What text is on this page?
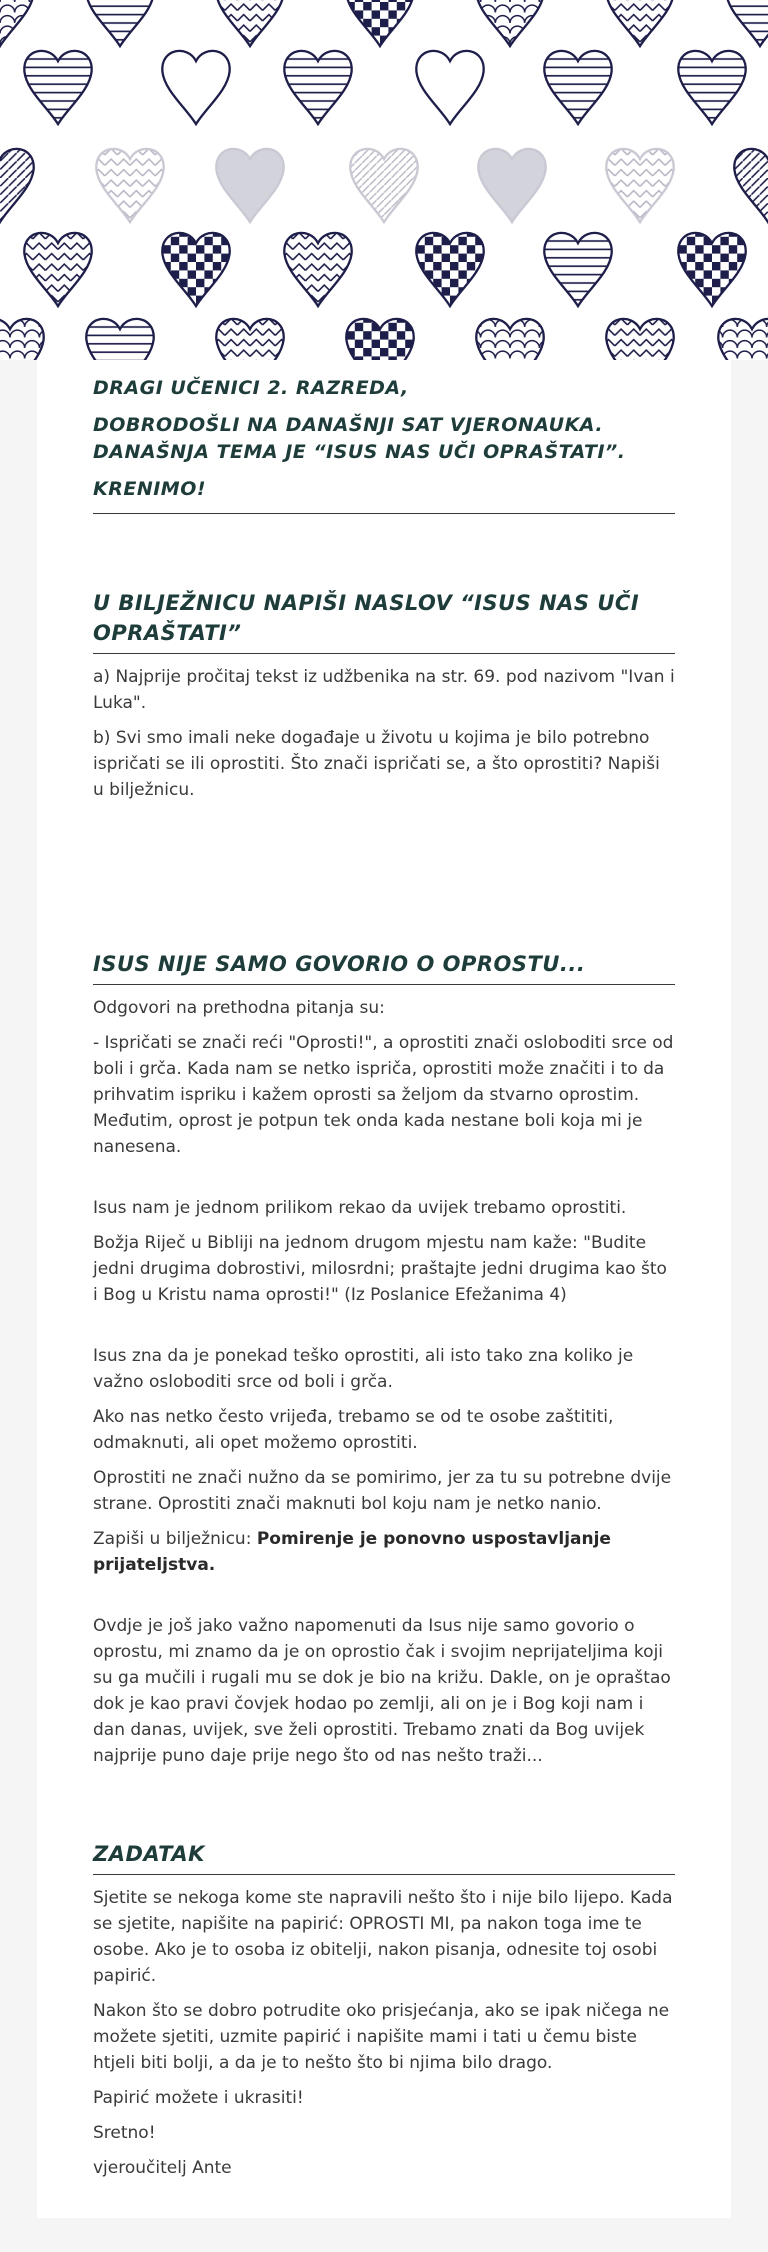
DRAGI UČENICI 2. RAZREDA,
DOBRODOŠLI NA DANAŠNJI SAT VJERONAUKA. DANAŠNJA TEMA JE “ISUS NAS UČI OPRAŠTATI”.
KRENIMO!
U BILJEŽNICU NAPIŠI NASLOV “ISUS NAS UČI OPRAŠTATI”

a) Najprije pročitaj tekst iz udžbenika na str. 69. pod nazivom "Ivan i Luka".

b) Svi smo imali neke događaje u životu u kojima je bilo potrebno ispričati se ili oprostiti. Što znači ispričati se, a što oprostiti? Napiši u bilježnicu.

ISUS NIJE SAMO GOVORIO O OPROSTU...

Odgovori na prethodna pitanja su:

- Ispričati se znači reći "Oprosti!", a oprostiti znači osloboditi srce od boli i grča. Kada nam se netko ispriča, oprostiti može značiti i to da prihvatim ispriku i kažem oprosti sa željom da stvarno oprostim. Međutim, oprost je potpun tek onda kada nestane boli koja mi je nanesena.

Isus nam je jednom prilikom rekao da uvijek trebamo oprostiti.

Božja Riječ u Bibliji na jednom drugom mjestu nam kaže: "Budite jedni drugima dobrostivi, milosrdni; praštajte jedni drugima kao što i Bog u Kristu nama oprosti!" (Iz Poslanice Efežanima 4)

Isus zna da je ponekad teško oprostiti, ali isto tako zna koliko je važno osloboditi srce od boli i grča.

Ako nas netko često vrijeđa, trebamo se od te osobe zaštititi, odmaknuti, ali opet možemo oprostiti.

Oprostiti ne znači nužno da se pomirimo, jer za tu su potrebne dvije strane. Oprostiti znači maknuti bol koju nam je netko nanio.

Zapiši u bilježnicu: Pomirenje je ponovno uspostavljanje prijateljstva.

Ovdje je još jako važno napomenuti da Isus nije samo govorio o oprostu, mi znamo da je on oprostio čak i svojim neprijateljima koji su ga mučili i rugali mu se dok je bio na križu. Dakle, on je opraštao dok je kao pravi čovjek hodao po zemlji, ali on je i Bog koji nam i dan danas, uvijek, sve želi oprostiti. Trebamo znati da Bog uvijek najprije puno daje prije nego što od nas nešto traži...

ZADATAK

Sjetite se nekoga kome ste napravili nešto što i nije bilo lijepo. Kada se sjetite, napišite na papirić: OPROSTI MI, pa nakon toga ime te osobe. Ako je to osoba iz obitelji, nakon pisanja, odnesite toj osobi papirić.

Nakon što se dobro potrudite oko prisjećanja, ako se ipak ničega ne možete sjetiti, uzmite papirić i napišite mami i tati u čemu biste htjeli biti bolji, a da je to nešto što bi njima bilo drago.

Papirić možete i ukrasiti!

Sretno!

vjeroučitelj Ante
